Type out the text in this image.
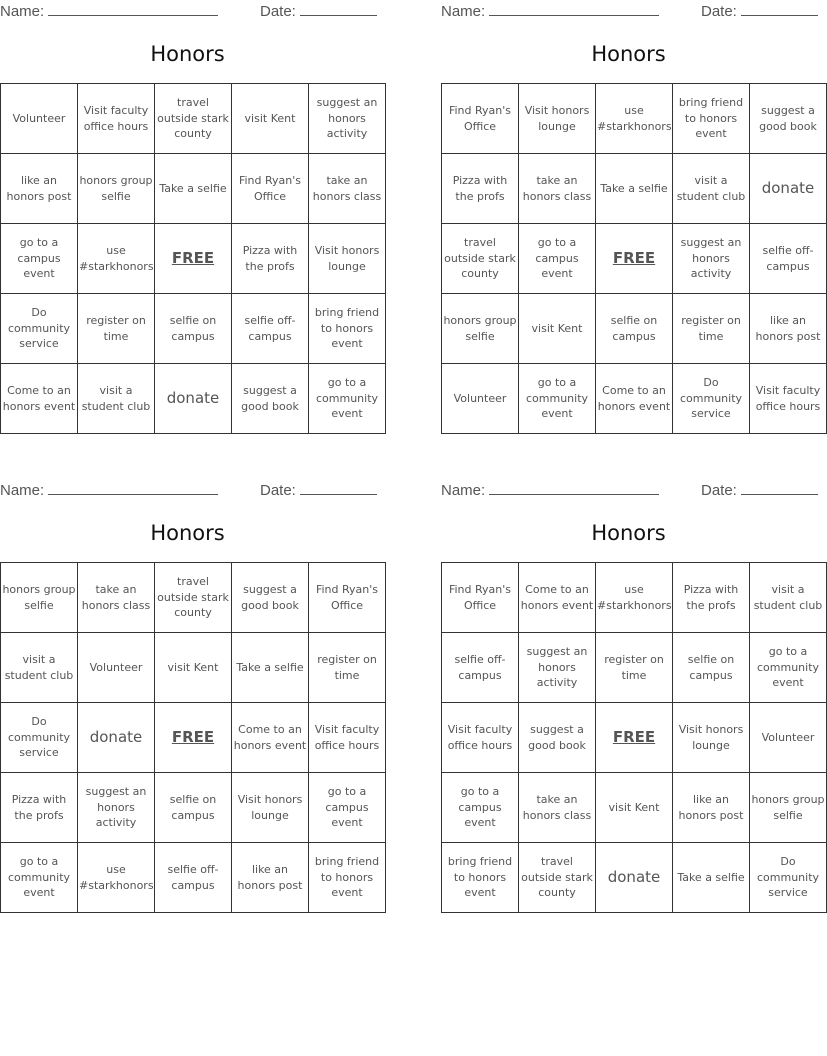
Name:	Date:
Honors
Volunteer	Visit faculty office hours	travel outside stark county	visit Kent	suggest an honors activity
like an honors post	honors group selfie	Take a selfie	Find Ryan's Office	take an honors class
go to a campus event	use #starkhonors	FREE	Pizza with the profs	Visit honors lounge
Do community service	register on time	selfie on campus	selfie off-campus	bring friend to honors event
Come to an honors event	visit a student club	donate	suggest a good book	go to a community event
Name:	Date:
Honors
Find Ryan's Office	Visit honors lounge	use #starkhonors	bring friend to honors event	suggest a good book
Pizza with the profs	take an honors class	Take a selfie	visit a student club	donate
travel outside stark county	go to a campus event	FREE	suggest an honors activity	selfie off-campus
honors group selfie	visit Kent	selfie on campus	register on time	like an honors post
Volunteer	go to a community event	Come to an honors event	Do community service	Visit faculty office hours
Name:	Date:
Honors
honors group selfie	take an honors class	travel outside stark county	suggest a good book	Find Ryan's Office
visit a student club	Volunteer	visit Kent	Take a selfie	register on time
Do community service	donate	FREE	Come to an honors event	Visit faculty office hours
Pizza with the profs	suggest an honors activity	selfie on campus	Visit honors lounge	go to a campus event
go to a community event	use #starkhonors	selfie off-campus	like an honors post	bring friend to honors event
Name:	Date:
Honors
Find Ryan's Office	Come to an honors event	use #starkhonors	Pizza with the profs	visit a student club
selfie off-campus	suggest an honors activity	register on time	selfie on campus	go to a community event
Visit faculty office hours	suggest a good book	FREE	Visit honors lounge	Volunteer
go to a campus event	take an honors class	visit Kent	like an honors post	honors group selfie
bring friend to honors event	travel outside stark county	donate	Take a selfie	Do community service
